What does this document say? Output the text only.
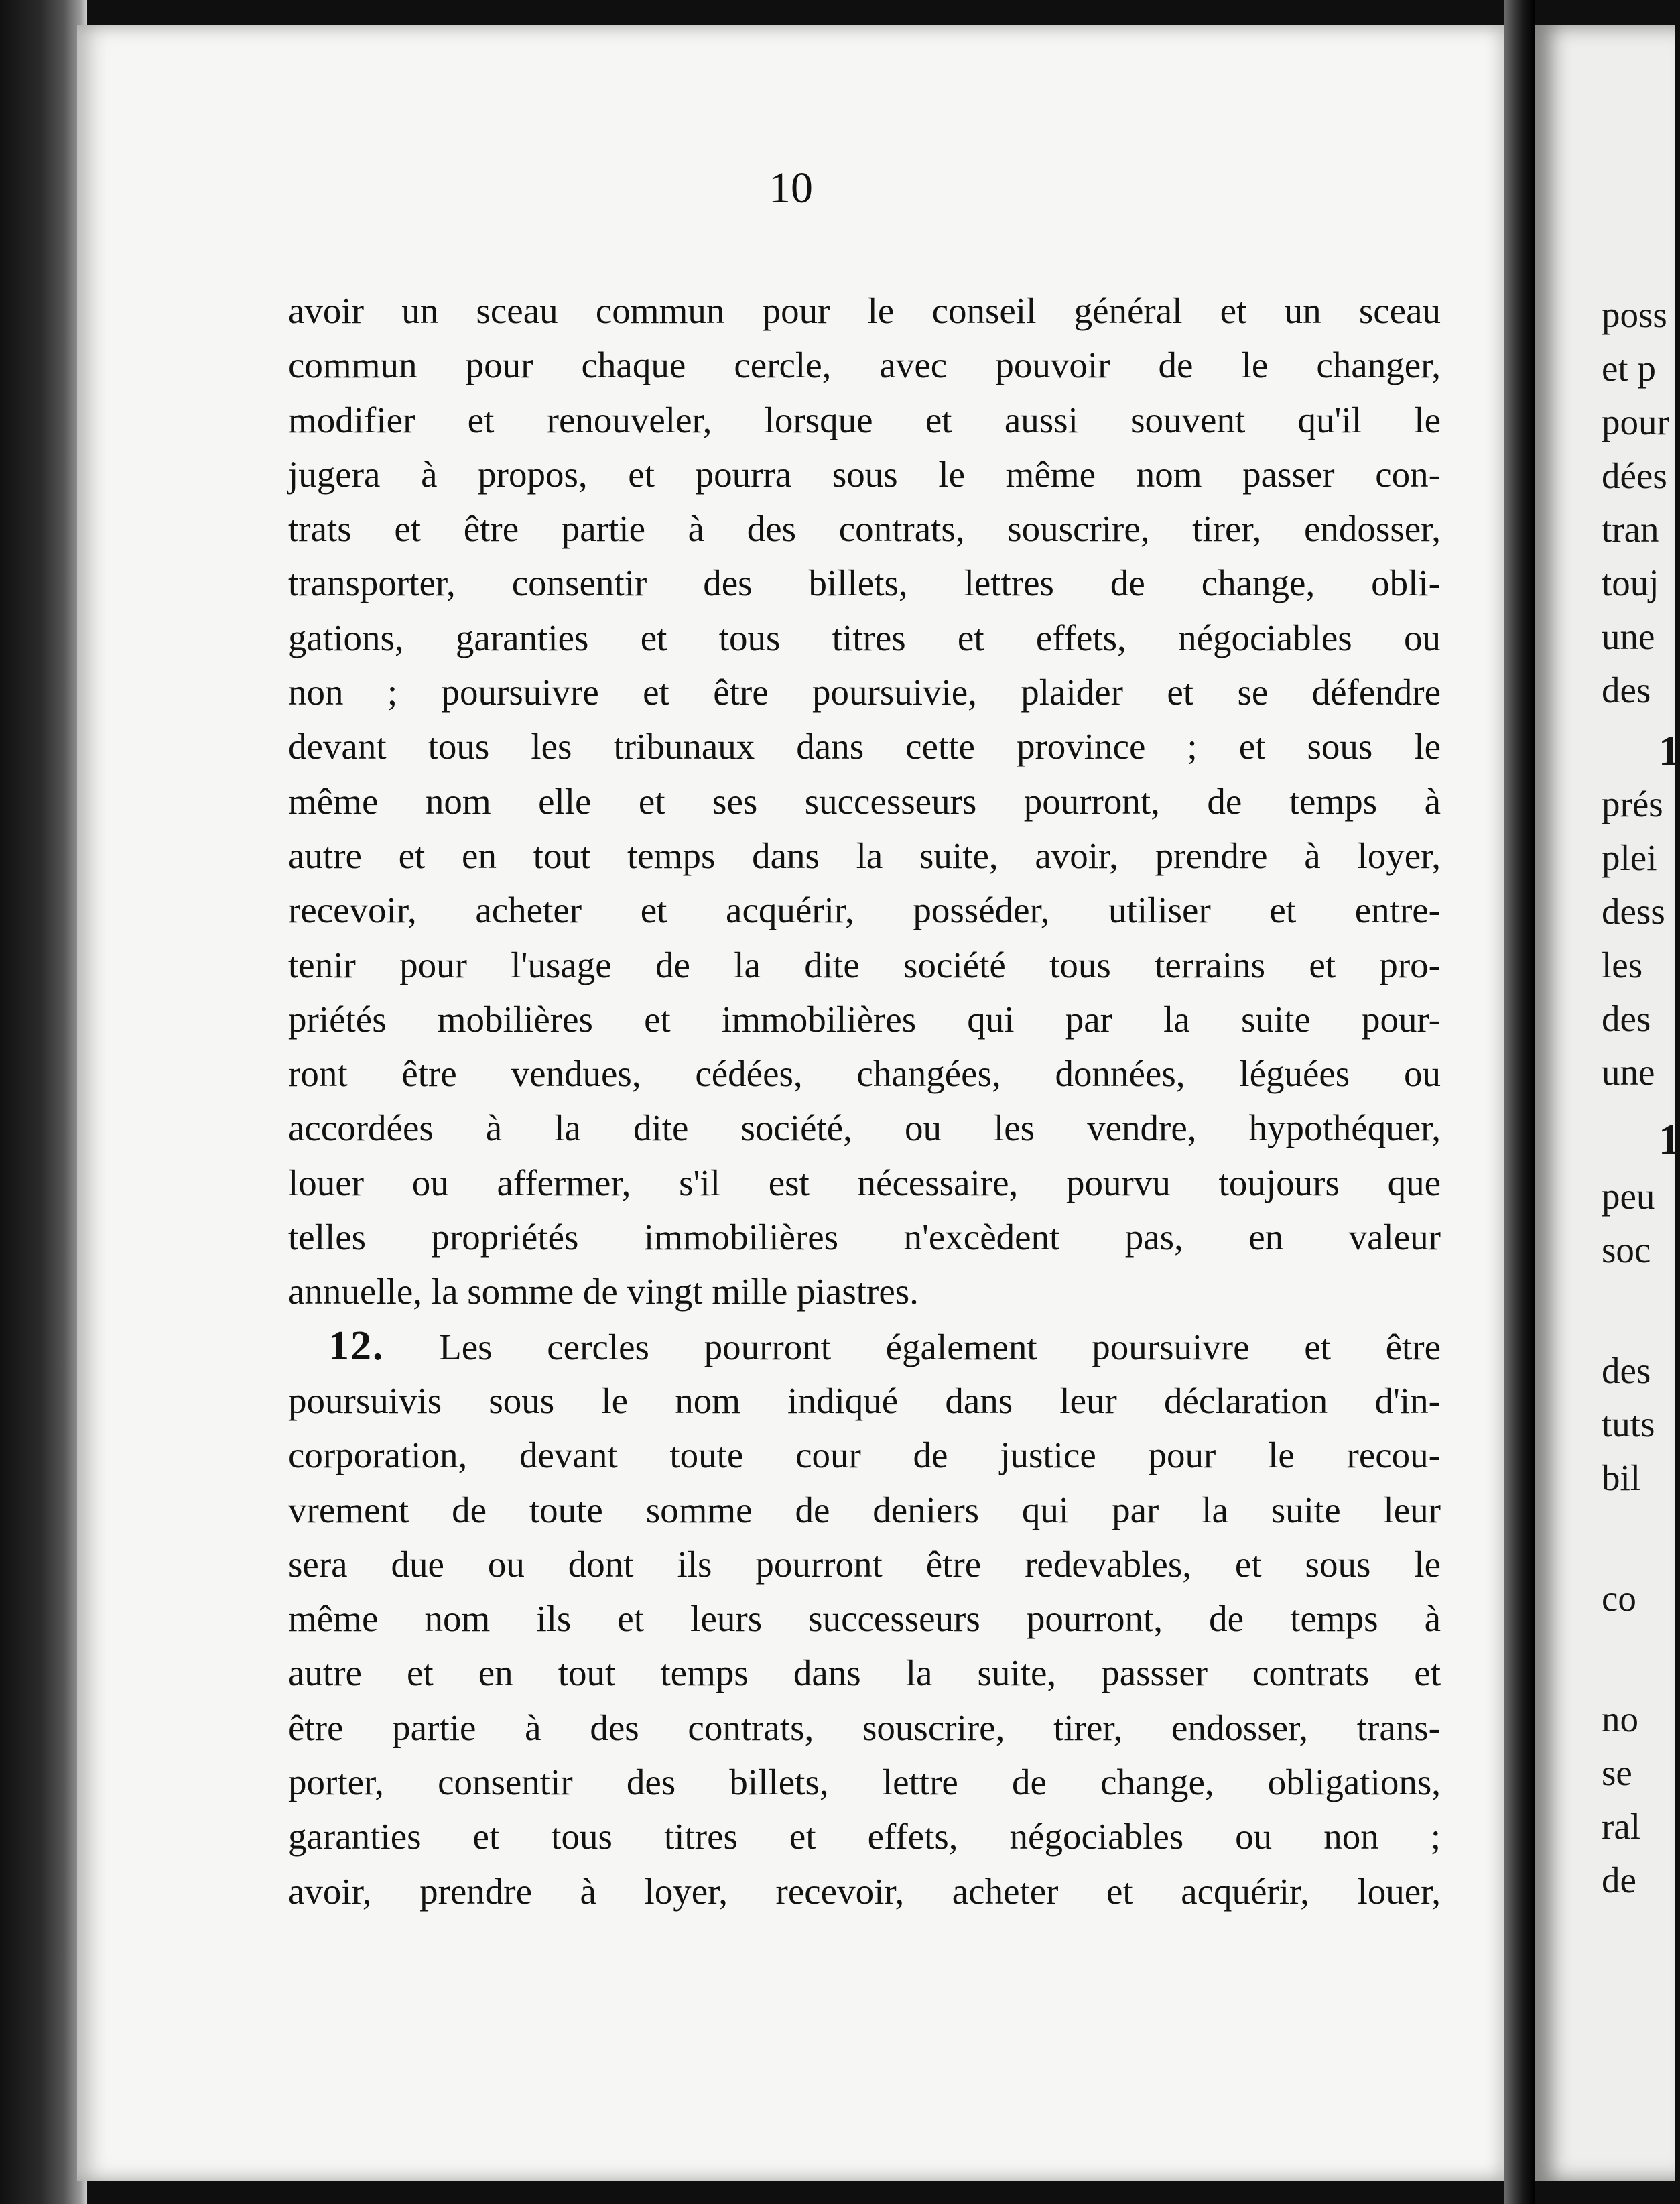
10
avoir un sceau commun pour le conseil général et un sceau
commun pour chaque cercle, avec pouvoir de le changer,
modifier et renouveler, lorsque et aussi souvent qu'il le
jugera à propos, et pourra sous le même nom passer con-
trats et être partie à des contrats, souscrire, tirer, endosser,
transporter, consentir des billets, lettres de change, obli-
gations, garanties et tous titres et effets, négociables ou
non ; poursuivre et être poursuivie, plaider et se défendre
devant tous les tribunaux dans cette province ; et sous le
même nom elle et ses successeurs pourront, de temps à
autre et en tout temps dans la suite, avoir, prendre à loyer,
recevoir, acheter et acquérir, posséder, utiliser et entre-
tenir pour l'usage de la dite société tous terrains et pro-
priétés mobilières et immobilières qui par la suite pour-
ront être vendues, cédées, changées, données, léguées ou
accordées à la dite société, ou les vendre, hypothéquer,
louer ou affermer, s'il est nécessaire, pourvu toujours que
telles propriétés immobilières n'excèdent pas, en valeur
annuelle, la somme de vingt mille piastres.
12. Les cercles pourront également poursuivre et être
poursuivis sous le nom indiqué dans leur déclaration d'in-
corporation, devant toute cour de justice pour le recou-
vrement de toute somme de deniers qui par la suite leur
sera due ou dont ils pourront être redevables, et sous le
même nom ils et leurs successeurs pourront, de temps à
autre et en tout temps dans la suite, passser contrats et
être partie à des contrats, souscrire, tirer, endosser, trans-
porter, consentir des billets, lettre de change, obligations,
garanties et tous titres et effets, négociables ou non ;
avoir, prendre à loyer, recevoir, acheter et acquérir, louer,
poss
et p
pour
dées
tran
touj
une
des
1
prés
plei
dess
les
des
une
1
peu
soc
des
tuts
bil
co
no
se
ral
de
